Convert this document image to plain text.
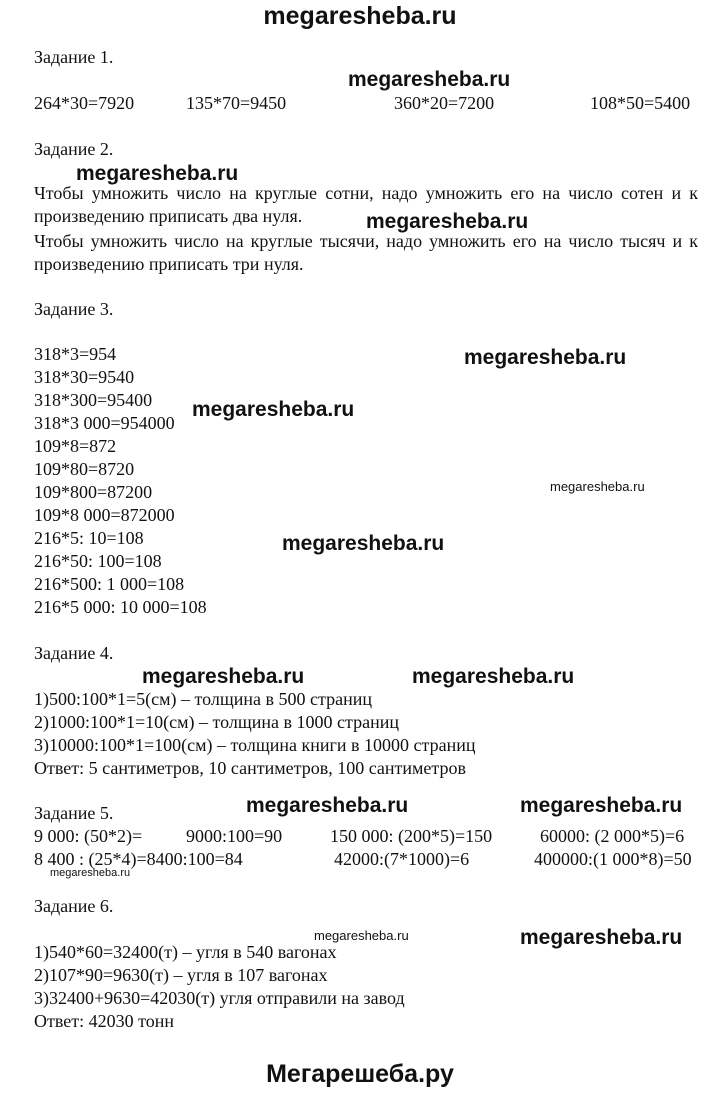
megaresheba.ru
Задание 1.
megaresheba.ru
264*30=7920	135*70=9450	360*20=7200	108*50=5400
Задание 2.
megaresheba.ru
Чтобы умножить число на круглые сотни, надо умножить его на число сотен и к произведению приписать два нуля.	megaresheba.ru
Чтобы умножить число на круглые тысячи, надо умножить его на число тысяч и к произведению приписать три нуля.
Задание 3.
megaresheba.ru
megaresheba.ru
megaresheba.ru
megaresheba.ru
318*3=954
318*30=9540
318*300=95400
318*3 000=954000
109*8=872
109*80=8720
109*800=87200
109*8 000=872000
216*5: 10=108
216*50: 100=108
216*500: 1 000=108
216*5 000: 10 000=108
Задание 4.
megaresheba.ru	megaresheba.ru
1)500:100*1=5(см) – толщина в 500 страниц
2)1000:100*1=10(см) – толщина в 1000 страниц
3)10000:100*1=100(см) – толщина книги в 10000 страниц
Ответ: 5 сантиметров, 10 сантиметров, 100 сантиметров
Задание 5.	megaresheba.ru	megaresheba.ru
9 000: (50*2)= 9000:100=90	150 000: (200*5)=150	60000: (2 000*5)=6
8 400 : (25*4)=8400:100=84	42000:(7*1000)=6	400000:(1 000*8)=50
megaresheba.ru
Задание 6.
megaresheba.ru	megaresheba.ru
1)540*60=32400(т) – угля в 540 вагонах
2)107*90=9630(т) – угля в 107 вагонах
3)32400+9630=42030(т) угля отправили на завод
Ответ: 42030 тонн
Мегарешеба.ру
